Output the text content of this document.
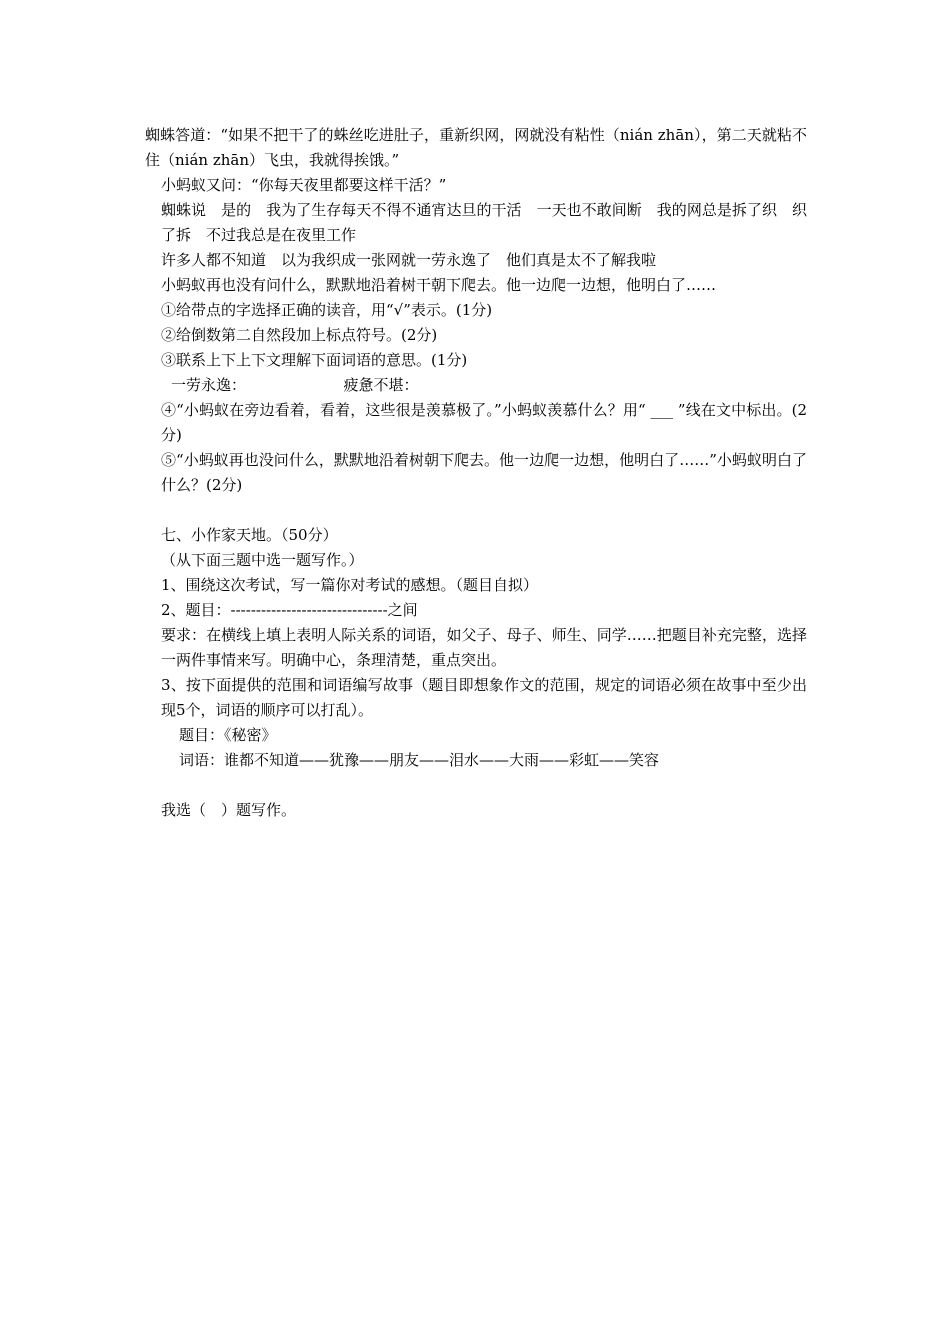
蜘蛛答道：“如果不把干了的蛛丝吃进肚子，重新织网，网就没有粘性（nián zhān），第二天就粘不住（nián zhān）飞虫，我就得挨饿。”

小蚂蚁又问：“你每天夜里都要这样干活？”

蜘蛛说　是的　我为了生存每天不得不通宵达旦的干活　一天也不敢间断　我的网总是拆了织　织了拆　不过我总是在夜里工作

许多人都不知道　以为我织成一张网就一劳永逸了　他们真是太不了解我啦

小蚂蚁再也没有问什么，默默地沿着树干朝下爬去。他一边爬一边想，他明白了……

①给带点的字选择正确的读音，用“√”表示。(1分)

②给倒数第二自然段加上标点符号。(2分)

③联系上下上下文理解下面词语的意思。(1分)

一劳永逸：　　　　　　　疲惫不堪：

④“小蚂蚁在旁边看着，看着，这些很是羡慕极了。”小蚂蚁羡慕什么？用“ ___ ”线在文中标出。(2分)

⑤“小蚂蚁再也没问什么，默默地沿着树朝下爬去。他一边爬一边想，他明白了……”小蚂蚁明白了什么？(2分)

七、小作家天地。（50分）

（从下面三题中选一题写作。）

1、围绕这次考试，写一篇你对考试的感想。（题目自拟）

2、题目：-------------------------------之间

要求：在横线上填上表明人际关系的词语，如父子、母子、师生、同学……把题目补充完整，选择一两件事情来写。明确中心，条理清楚，重点突出。

3、按下面提供的范围和词语编写故事（题目即想象作文的范围，规定的词语必须在故事中至少出现5个，词语的顺序可以打乱）。

题目：《秘密》

词语：谁都不知道——犹豫——朋友——泪水——大雨——彩虹——笑容

我选（　）题写作。
